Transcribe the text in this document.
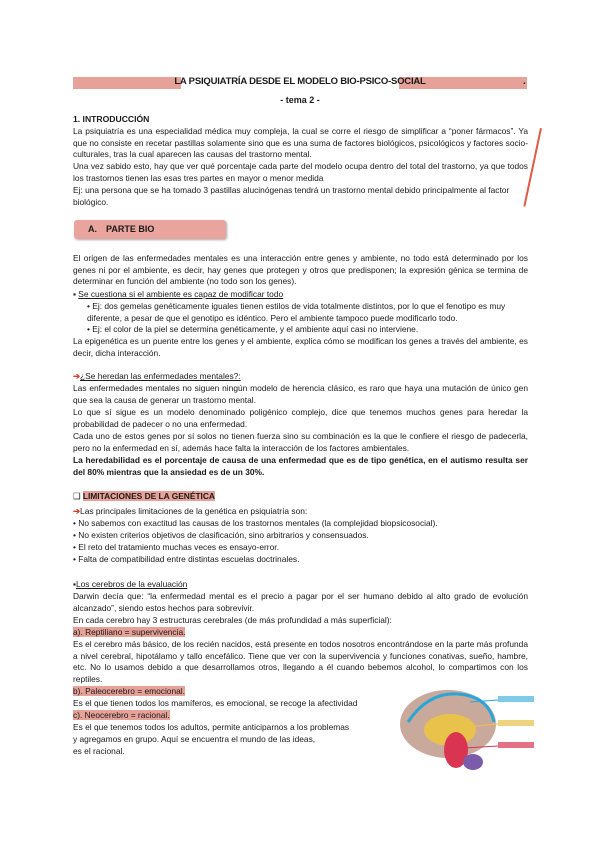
LA PSIQUIATRÍA DESDE EL MODELO BIO-PSICO-SOCIAL	.
- tema 2 -
1. INTRODUCCIÓN
La psiquiatría es una especialidad médica muy compleja, la cual se corre el riesgo de simplificar a “poner fármacos”. Ya que no consiste en recetar pastillas solamente sino que es una suma de factores biológicos, psicológicos y factores socio-culturales, tras la cual aparecen las causas del trastorno mental.
Una vez sabido esto, hay que ver qué porcentaje cada parte del modelo ocupa dentro del total del trastorno, ya que todos los trastornos tienen las esas tres partes en mayor o menor medida
Ej: una persona que se ha tomado 3 pastillas alucinógenas tendrá un trastorno mental debido principalmente al factor biológico.
A. PARTE BIO
El origen de las enfermedades mentales es una interacción entre genes y ambiente, no todo está determinado por los genes ni por el ambiente, es decir, hay genes que protegen y otros que predisponen; la expresión génica se termina de determinar en función del ambiente (no todo son los genes).
▪ Se cuestiona si el ambiente es capaz de modificar todo
• Ej: dos gemelas genéticamente iguales tienen estilos de vida totalmente distintos, por lo que el fenotipo es muy diferente, a pesar de que el genotipo es idéntico. Pero el ambiente tampoco puede modificarlo todo.
• Ej: el color de la piel se determina genéticamente, y el ambiente aquí casi no interviene.
La epigenética es un puente entre los genes y el ambiente, explica cómo se modifican los genes a través del ambiente, es decir, dicha interacción.
➔¿Se heredan las enfermedades mentales?:
Las enfermedades mentales no siguen ningún modelo de herencia clásico, es raro que haya una mutación de único gen que sea la causa de generar un trastorno mental.
Lo que sí sigue es un modelo denominado poligénico complejo, dice que tenemos muchos genes para heredar la probabilidad de padecer o no una enfermedad.
Cada uno de estos genes por sí solos no tienen fuerza sino su combinación es la que le confiere el riesgo de padecerla, pero no la enfermedad en sí, además hace falta la interacción de los factores ambientales.
La heredabilidad es el porcentaje de causa de una enfermedad que es de tipo genética, en el autismo resulta ser del 80% mientras que la ansiedad es de un 30%.
❑ LIMITACIONES DE LA GENÉTICA
➔Las principales limitaciones de la genética en psiquiatría son:
• No sabemos con exactitud las causas de los trastornos mentales (la complejidad biopsicosocial).
• No existen criterios objetivos de clasificación, sino arbitrarios y consensuados.
• El reto del tratamiento muchas veces es ensayo-error.
• Falta de compatibilidad entre distintas escuelas doctrinales.
▪Los cerebros de la evaluación
Darwin decía que: “la enfermedad mental es el precio a pagar por el ser humano debido al alto grado de evolución alcanzado”, siendo estos hechos para sobrevivir.
En cada cerebro hay 3 estructuras cerebrales (de más profundidad a más superficial):
a). Reptiliano = supervivencia.
Es el cerebro más básico, de los recién nacidos, está presente en todos nosotros encontrándose en la parte más profunda a nivel cerebral, hipotálamo y tallo encefálico. Tiene que ver con la supervivencia y funciones conativas, sueño, hambre, etc. No lo usamos debido a que desarrollamos otros, llegando a él cuando bebemos alcohol, lo compartimos con los reptiles.
b). Paleocerebro = emocional.
Es el que tienen todos los mamíferos, es emocional, se recoge la afectividad
c). Neocerebro = racional.
Es el que tenemos todos los adultos, permite anticiparnos a los problemas
y agregamos en grupo. Aquí se encuentra el mundo de las ideas,
es el racional.
